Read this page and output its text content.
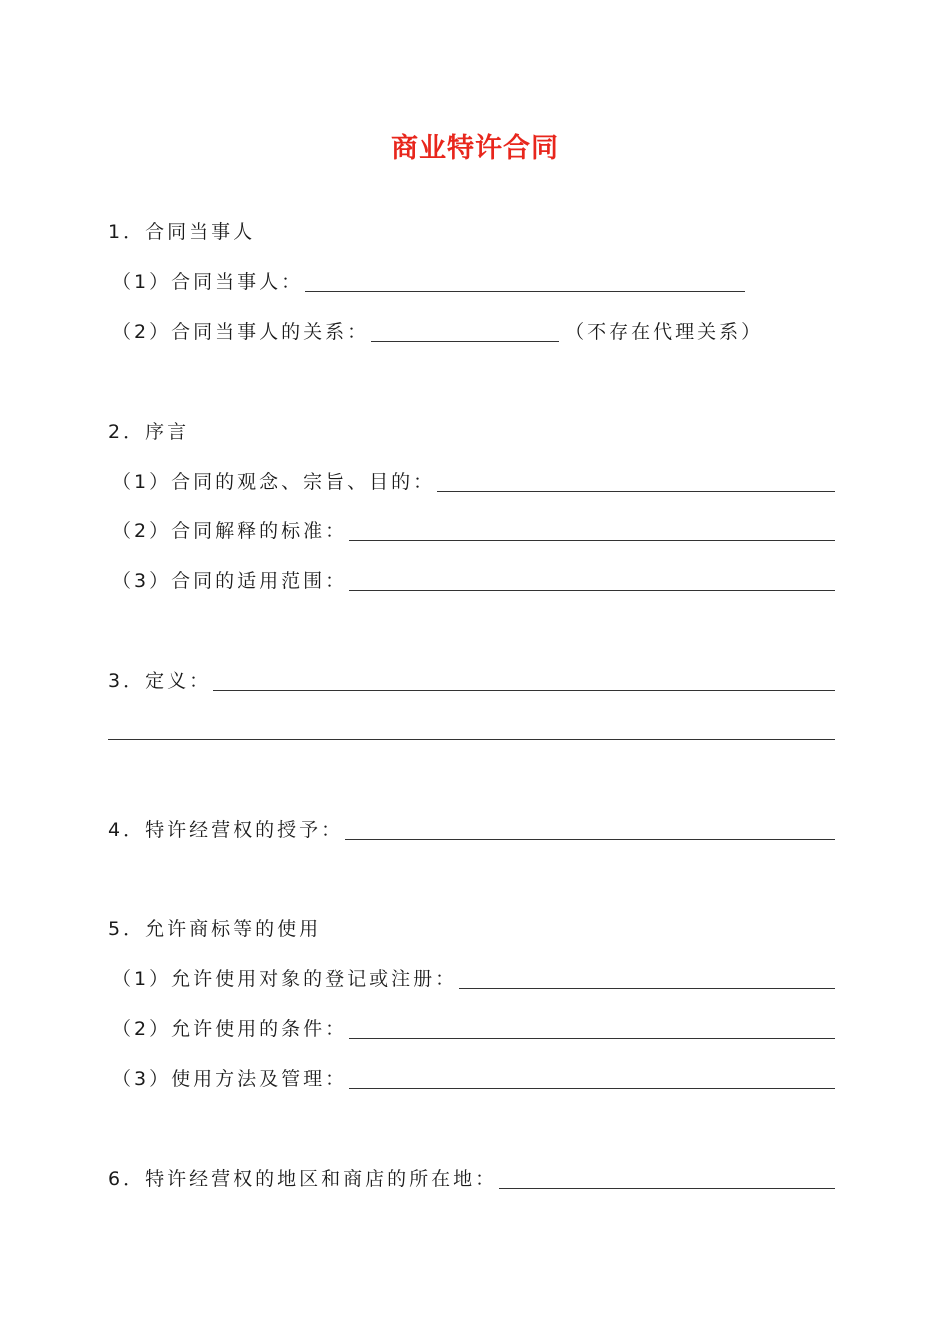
商业特许合同
1．合同当事人
（1）合同当事人：
（2）合同当事人的关系：	（不存在代理关系）
2．序言
（1）合同的观念、宗旨、目的：
（2）合同解释的标准：
（3）合同的适用范围：
3．定义：
4．特许经营权的授予：
5．允许商标等的使用
（1）允许使用对象的登记或注册：
（2）允许使用的条件：
（3）使用方法及管理：
6．特许经营权的地区和商店的所在地：
